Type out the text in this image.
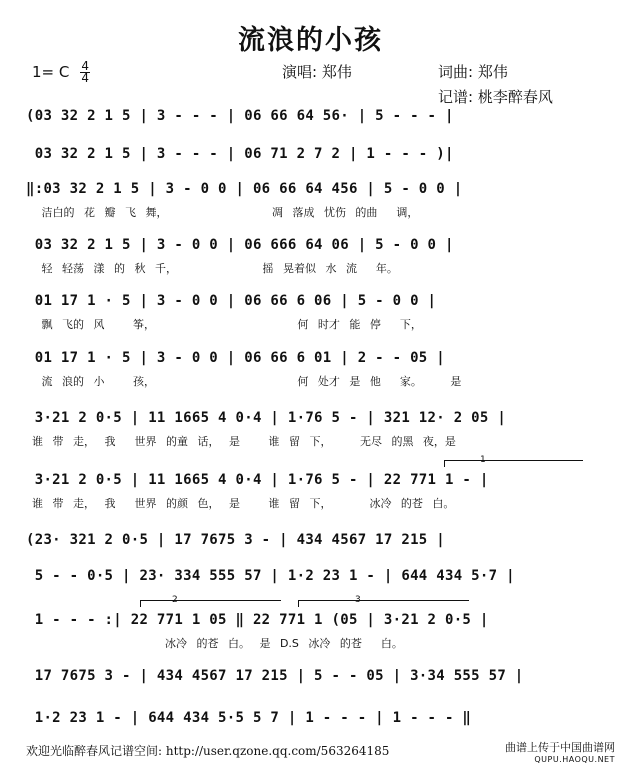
流浪的小孩
1= C $\frac{4}{4}$	演唱: 郑伟	词曲: 郑伟
记谱: 桃李醉春风
(03 32 2 1 5 | 3 - - - | 06 66 64 56· | 5 - - - |
03 32 2 1 5 | 3 - - - | 06 71 2 7 2 | 1 - - - )|
‖:03 32 2 1 5 | 3 - 0 0 | 06 66 64 456 | 5 - 0 0 |
洁白的 花 瓣 飞 舞，           凋 落成 忧伤 的曲  调，
03 32 2 1 5 | 3 - 0 0 | 06 666 64 06 | 5 - 0 0 |
轻 轻荡 漾 的 秋 千，         摇 晃着似 水 流  年。
01 17 1 · 5 | 3 - 0 0 | 06 66 6 06 | 5 - 0 0 |
飘 飞的 风   筝，               何 时才 能 停  下，
01 17 1 · 5 | 3 - 0 0 | 06 66 6 01 | 2 - - 05 |
流 浪的 小   孩，               何 处才 是 他  家。   是
3·21 2 0·5 | 11 1665 4 0·4 | 1·76 5 - | 321 12· 2 05 |
谁 带 走， 我  世界 的童 话， 是   谁 留 下，   无尽 的黑 夜，是
3·21 2 0·5 | 11 1665 4 0·4 | 1·76 5 - | 22 771 1 - |
谁 带 走， 我  世界 的颜 色， 是   谁 留 下，    冰冷 的苍 白。
(23· 321 2 0·5 | 17 7675 3 - | 434 4567 17 215 |
5 - - 0·5 | 23· 334 555 57 | 1·2 23 1 - | 644 434 5·7 |
1 - - - :| 22 771 1 05 ‖ 22 771 1 (05 | 3·21 2 0·5 |
冰冷 的苍 白。 是 D.S 冰冷 的苍  白。
17 7675 3 - | 434 4567 17 215 | 5 - - 05 | 3·34 555 57 |
1·2 23 1 - | 644 434 5·5 5 7 | 1 - - - | 1 - - - ‖
1
2	3
欢迎光临醉春风记谱空间: http://user.qzone.qq.com/563264185	曲谱上传于中国曲谱网
QUPU.HAOQU.NET
